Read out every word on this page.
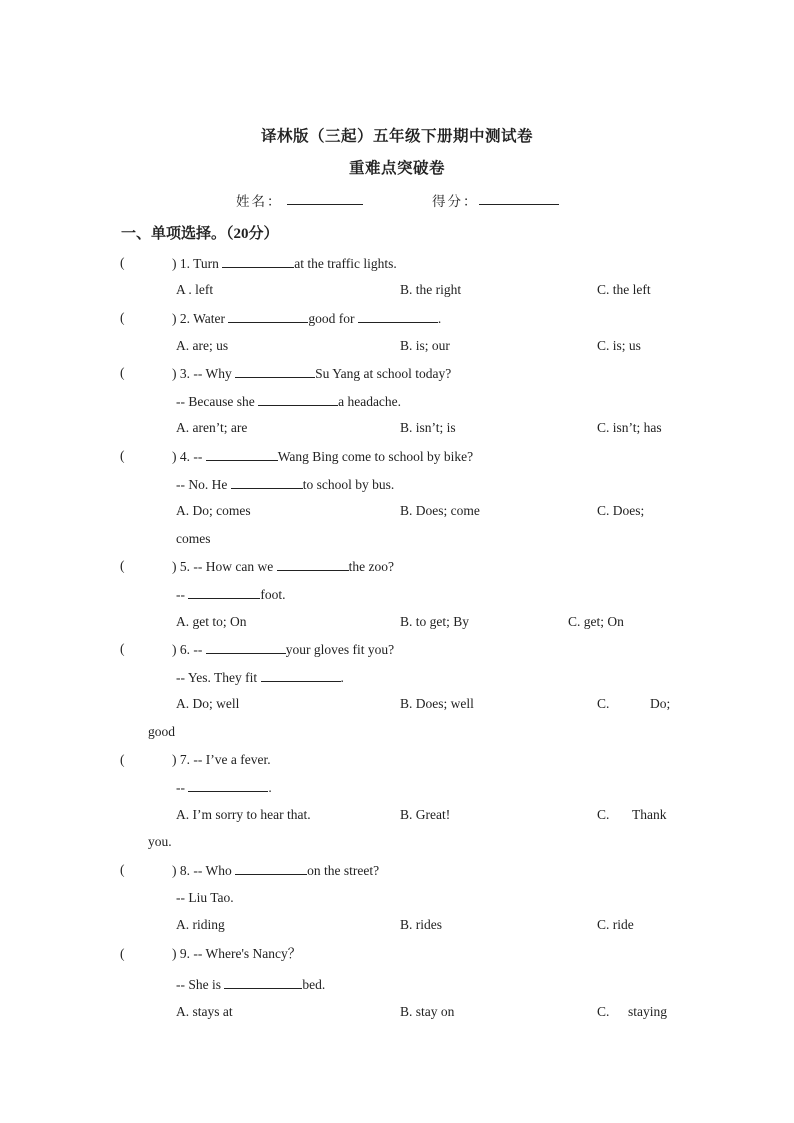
译林版（三起）五年级下册期中测试卷
重难点突破卷
姓名：	得分：
一、单项选择。（20分）
(	) 1. Turn	at the traffic lights.
A . left	B. the right	C. the left
(	) 2. Water	good for	.
A. are; us	B. is; our	C. is; us
(	) 3. -- Why	Su Yang at school today?
-- Because she	a headache.
A. aren’t; are	B. isn’t; is	C. isn’t; has
(	) 4. --	Wang Bing come to school by bike?
-- No. He	to school by bus.
A. Do; comes	B. Does; come	C. Does;
comes
(	) 5. -- How can we	the zoo?
--	foot.
A. get to; On	B. to get; By	C. get; On
(	) 6. --	your gloves fit you?
-- Yes. They fit	.
A. Do; well	B. Does; well	C.	Do;
good
(	) 7. -- I’ve a fever.
--	.
A. I’m sorry to hear that.	B. Great!	C. Thank
you.
(	) 8. -- Who	on the street?
-- Liu Tao.
A. riding	B. rides	C. ride
(	) 9. -- Where's Nancy？
-- She is	bed.
A. stays at	B. stay on	C. staying
